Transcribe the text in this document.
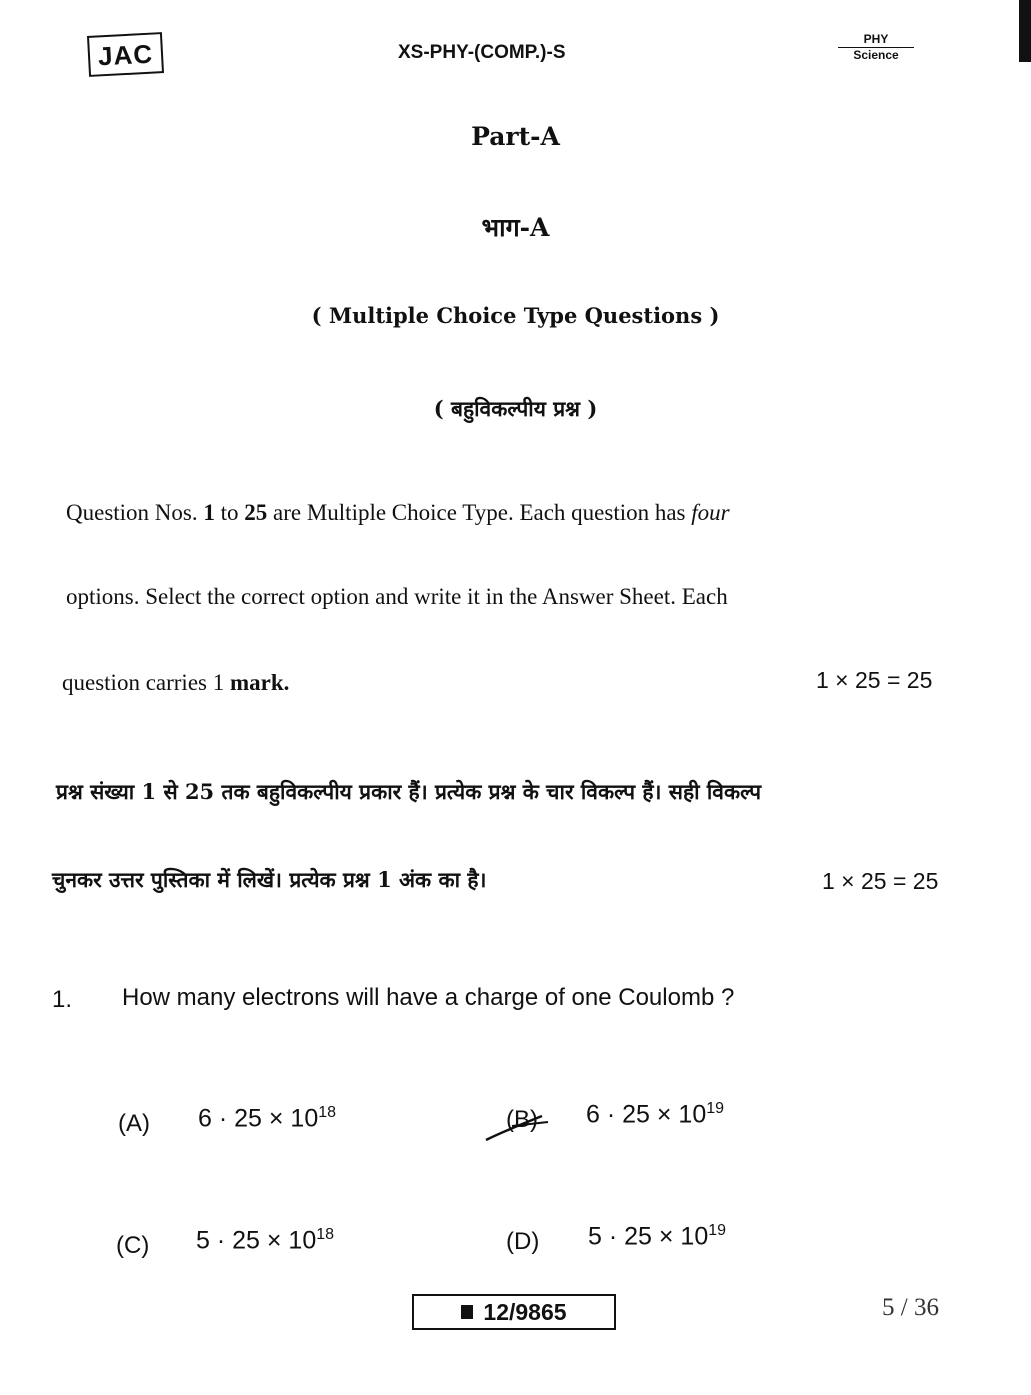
JAC	XS-PHY-(COMP.)-S
PHY
Science
Part-A
भाग-A
( Multiple Choice Type Questions )
( बहुविकल्पीय प्रश्न )
Question Nos. 1 to 25 are Multiple Choice Type. Each question has four
options. Select the correct option and write it in the Answer Sheet. Each
question carries 1 mark.	1 × 25 = 25
प्रश्न संख्या 1 से 25 तक बहुविकल्पीय प्रकार हैं। प्रत्येक प्रश्न के चार विकल्प हैं। सही विकल्प
चुनकर उत्तर पुस्तिका में लिखें। प्रत्येक प्रश्न 1 अंक का है।	1 × 25 = 25
1. How many electrons will have a charge of one Coulomb ?
(A) $6 \cdot 25 \times 10^{18}$	(B) $6 \cdot 25 \times 10^{19}$
(C) $5 \cdot 25 \times 10^{18}$	(D) $5 \cdot 25 \times 10^{19}$
12/9865	5 / 36
